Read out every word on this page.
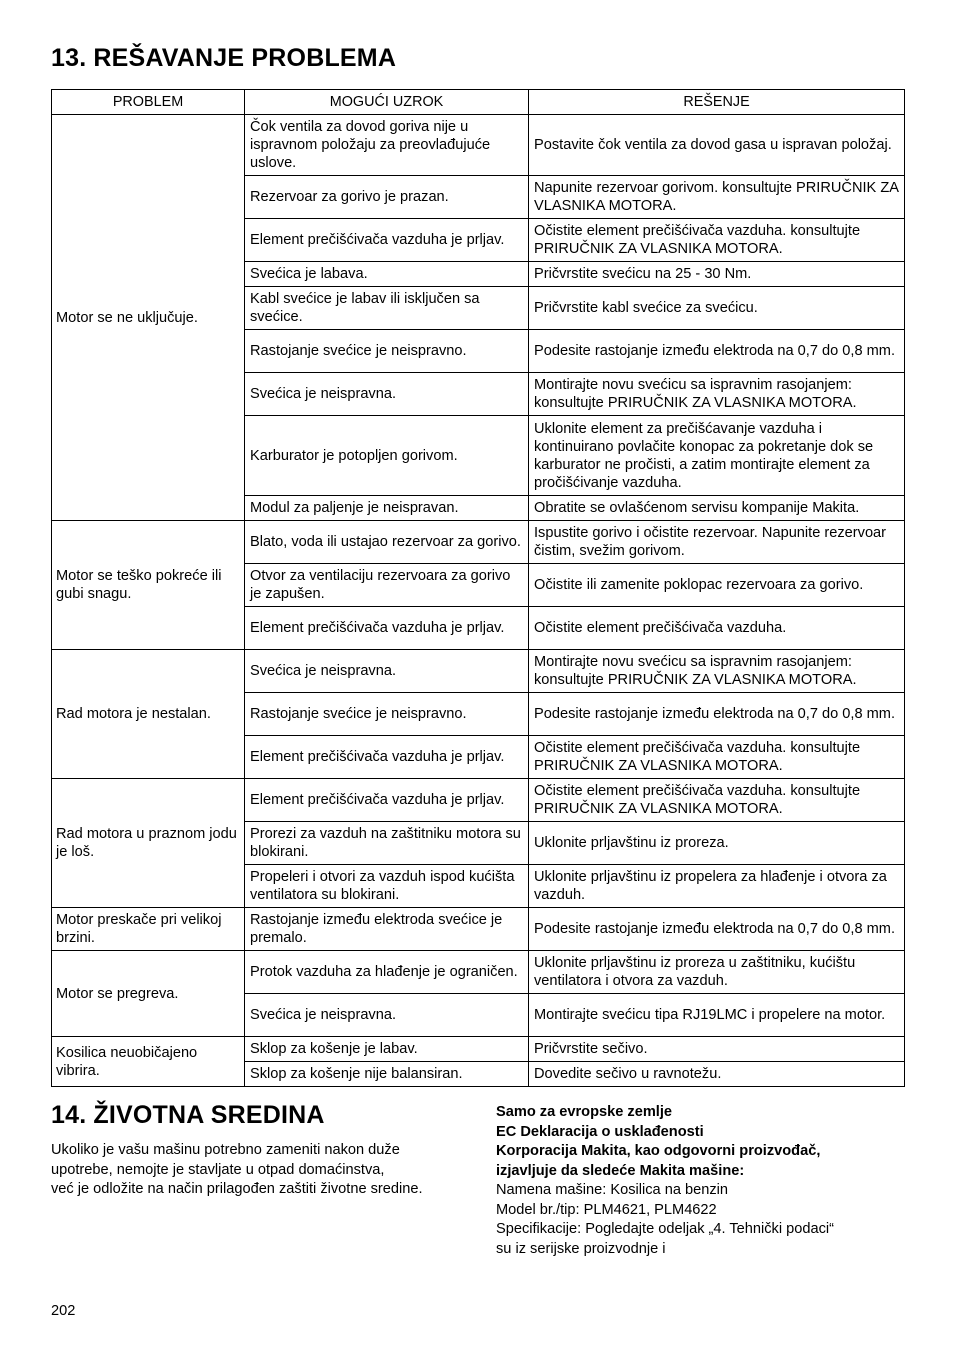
13. REŠAVANJE PROBLEMA
PROBLEM	MOGUĆI UZROK	REŠENJE
Motor se ne uključuje.	Čok ventila za dovod goriva nije u ispravnom položaju za preovlađujuće uslove.	Postavite čok ventila za dovod gasa u ispravan položaj.
	Rezervoar za gorivo je prazan.	Napunite rezervoar gorivom. konsultujte PRIRUČNIK ZA VLASNIKA MOTORA.
	Element prečišćivača vazduha je prljav.	Očistite element prečišćivača vazduha. konsultujte PRIRUČNIK ZA VLASNIKA MOTORA.
	Svećica je labava.	Pričvrstite svećicu na 25 - 30 Nm.
	Kabl svećice je labav ili isključen sa svećice.	Pričvrstite kabl svećice za svećicu.
	Rastojanje svećice je neispravno.	Podesite rastojanje između elektroda na 0,7 do 0,8 mm.
	Svećica je neispravna.	Montirajte novu svećicu sa ispravnim rasojanjem: konsultujte PRIRUČNIK ZA VLASNIKA MOTORA.
	Karburator je potopljen gorivom.	Uklonite element za prečišćavanje vazduha i kontinuirano povlačite konopac za pokretanje dok se karburator ne pročisti, a zatim montirajte element za pročišćivanje vazduha.
	Modul za paljenje je neispravan.	Obratite se ovlašćenom servisu kompanije Makita.
Motor se teško pokreće ili gubi snagu.	Blato, voda ili ustajao rezervoar za gorivo.	Ispustite gorivo i očistite rezervoar. Napunite rezervoar čistim, svežim gorivom.
	Otvor za ventilaciju rezervoara za gorivo je zapušen.	Očistite ili zamenite poklopac rezervoara za gorivo.
	Element prečišćivača vazduha je prljav.	Očistite element prečišćivača vazduha.
Rad motora je nestalan.	Svećica je neispravna.	Montirajte novu svećicu sa ispravnim rasojanjem: konsultujte PRIRUČNIK ZA VLASNIKA MOTORA.
	Rastojanje svećice je neispravno.	Podesite rastojanje između elektroda na 0,7 do 0,8 mm.
	Element prečišćivača vazduha je prljav.	Očistite element prečišćivača vazduha. konsultujte PRIRUČNIK ZA VLASNIKA MOTORA.
Rad motora u praznom jodu je loš.	Element prečišćivača vazduha je prljav.	Očistite element prečišćivača vazduha. konsultujte PRIRUČNIK ZA VLASNIKA MOTORA.
	Prorezi za vazduh na zaštitniku motora su blokirani.	Uklonite prljavštinu iz proreza.
	Propeleri i otvori za vazduh ispod kućišta ventilatora su blokirani.	Uklonite prljavštinu iz propelera za hlađenje i otvora za vazduh.
Motor preskače pri velikoj brzini.	Rastojanje između elektroda svećice je premalo.	Podesite rastojanje između elektroda na 0,7 do 0,8 mm.
Motor se pregreva.	Protok vazduha za hlađenje je ograničen.	Uklonite prljavštinu iz proreza u zaštitniku, kućištu ventilatora i otvora za vazduh.
	Svećica je neispravna.	Montirajte svećicu tipa RJ19LMC i propelere na motor.
Kosilica neuobičajeno vibrira.	Sklop za košenje je labav.	Pričvrstite sečivo.
	Sklop za košenje nije balansiran.	Dovedite sečivo u ravnotežu.
14. ŽIVOTNA SREDINA
Ukoliko je vašu mašinu potrebno zameniti nakon duže
upotrebe, nemojte je stavljate u otpad domaćinstva,
već je odložite na način prilagođen zaštiti životne sredine.
Samo za evropske zemlje
EC Deklaracija o usklađenosti
Korporacija Makita, kao odgovorni proizvođač,
izjavljuje da sledeće Makita mašine:
Namena mašine: Kosilica na benzin
Model br./tip: PLM4621, PLM4622
Specifikacije: Pogledajte odeljak „4. Tehnički podaci“
su iz serijske proizvodnje i
202
